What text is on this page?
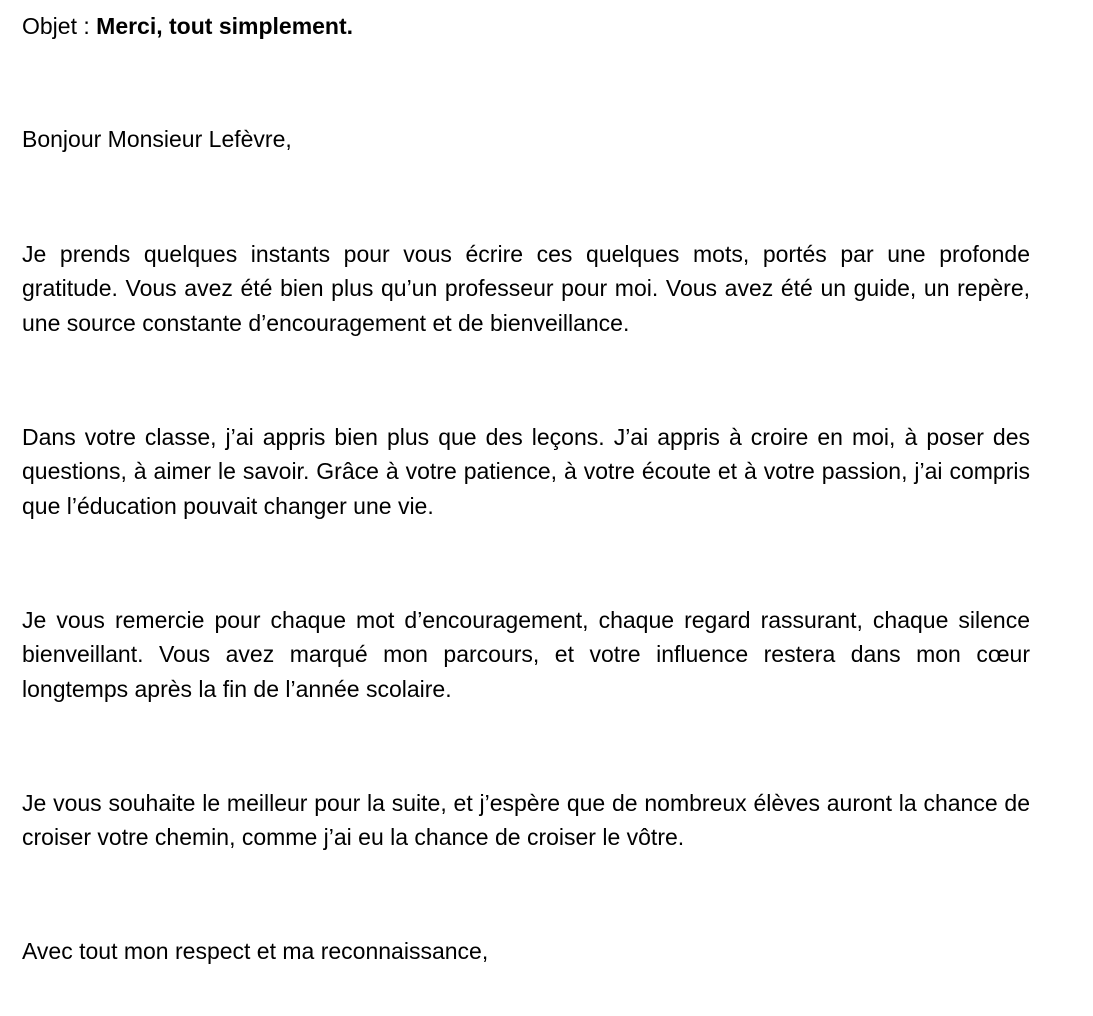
Objet : Merci, tout simplement.
Bonjour Monsieur Lefèvre,

Je prends quelques instants pour vous écrire ces quelques mots, portés par une profonde gratitude. Vous avez été bien plus qu’un professeur pour moi. Vous avez été un guide, un repère, une source constante d’encouragement et de bienveillance.

Dans votre classe, j’ai appris bien plus que des leçons. J’ai appris à croire en moi, à poser des questions, à aimer le savoir. Grâce à votre patience, à votre écoute et à votre passion, j’ai compris que l’éducation pouvait changer une vie.

Je vous remercie pour chaque mot d’encouragement, chaque regard rassurant, chaque silence bienveillant. Vous avez marqué mon parcours, et votre influence restera dans mon cœur longtemps après la fin de l’année scolaire.

Je vous souhaite le meilleur pour la suite, et j’espère que de nombreux élèves auront la chance de croiser votre chemin, comme j’ai eu la chance de croiser le vôtre.

Avec tout mon respect et ma reconnaissance,
